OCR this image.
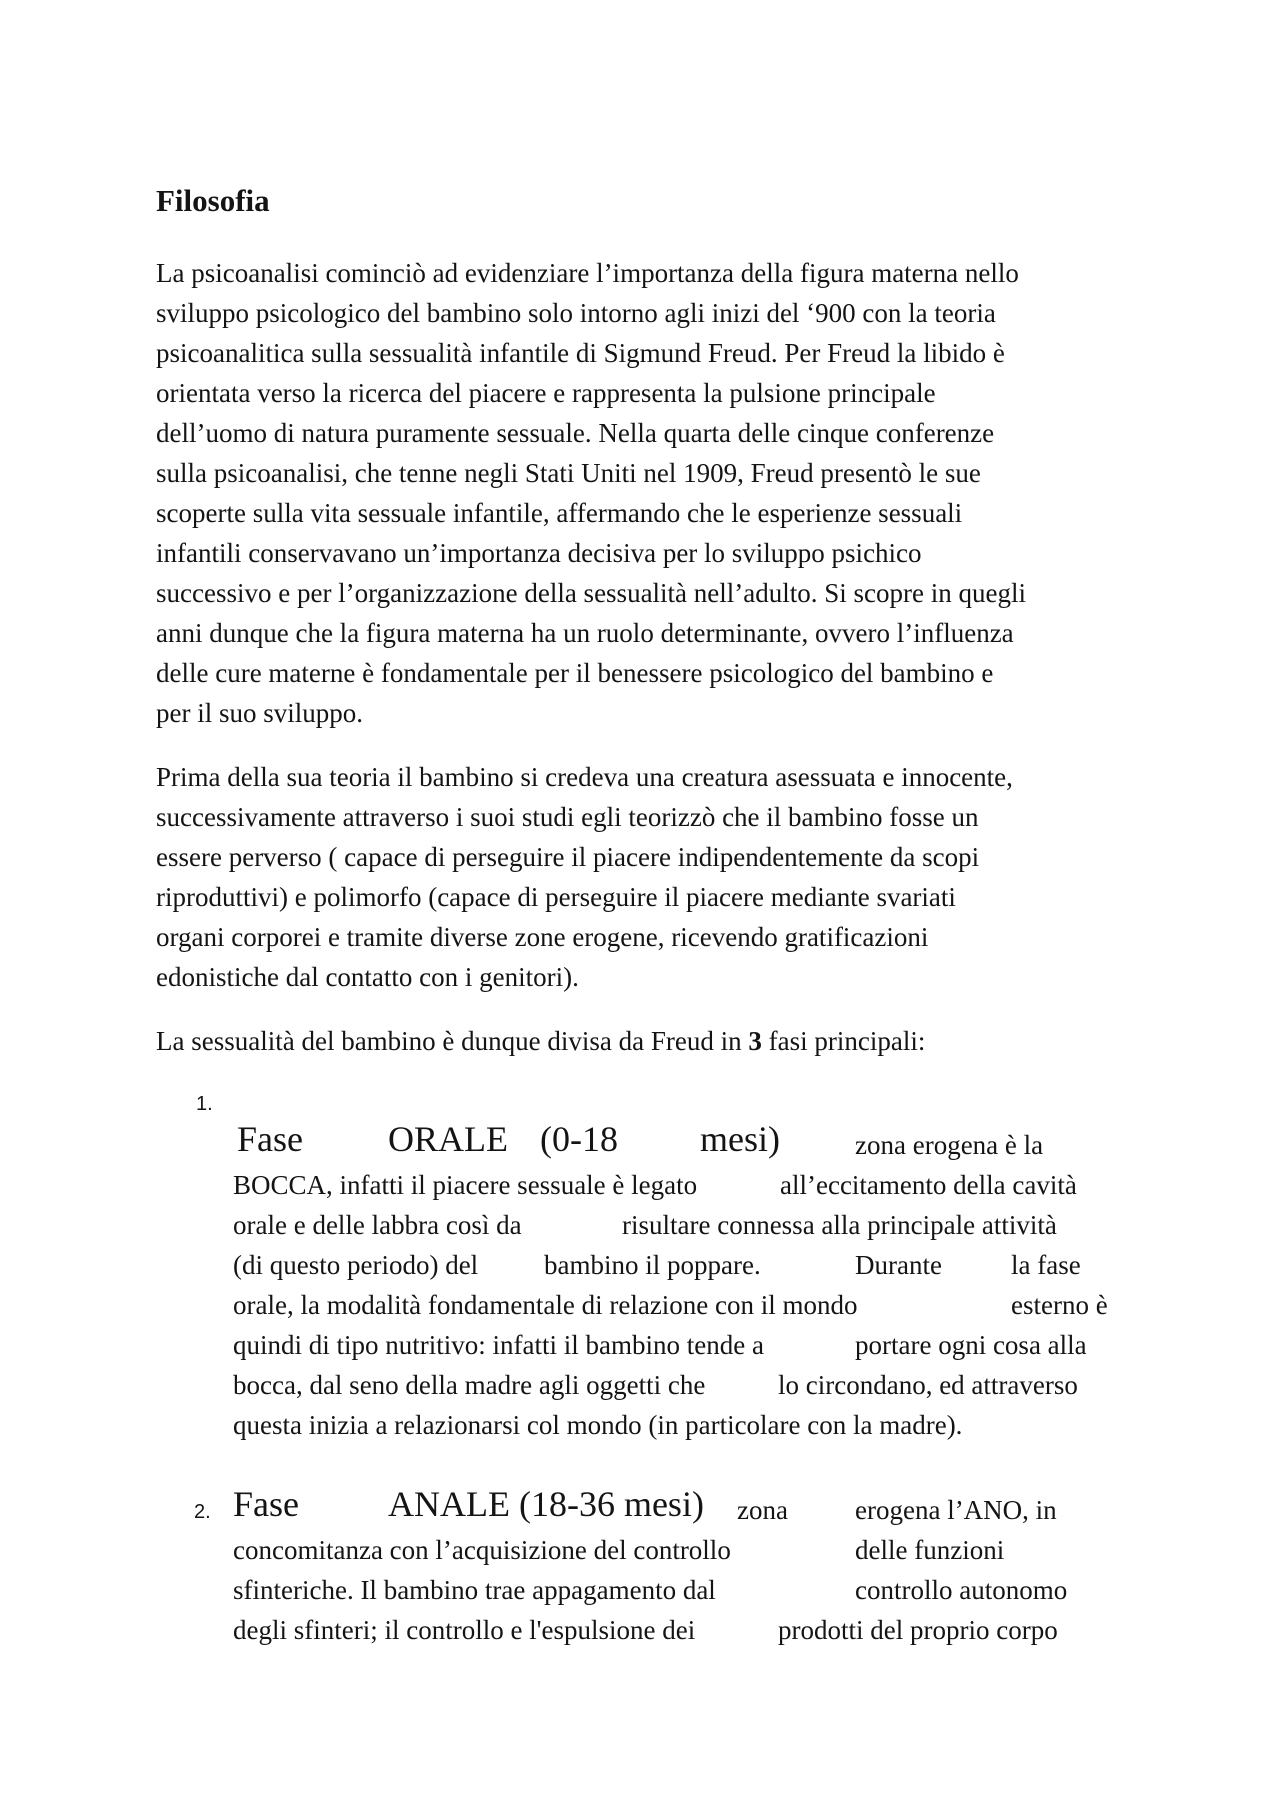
Filosofia

La psicoanalisi cominciò ad evidenziare l’importanza della figura materna nello
sviluppo psicologico del bambino solo intorno agli inizi del ‘900 con la teoria
psicoanalitica sulla sessualità infantile di Sigmund Freud. Per Freud la libido è
orientata verso la ricerca del piacere e rappresenta la pulsione principale
dell’uomo di natura puramente sessuale. Nella quarta delle cinque conferenze
sulla psicoanalisi, che tenne negli Stati Uniti nel 1909, Freud presentò le sue
scoperte sulla vita sessuale infantile, affermando che le esperienze sessuali
infantili conservavano un’importanza decisiva per lo sviluppo psichico
successivo e per l’organizzazione della sessualità nell’adulto. Si scopre in quegli
anni dunque che la figura materna ha un ruolo determinante, ovvero l’influenza
delle cure materne è fondamentale per il benessere psicologico del bambino e
per il suo sviluppo.

Prima della sua teoria il bambino si credeva una creatura asessuata e innocente,
successivamente attraverso i suoi studi egli teorizzò che il bambino fosse un
essere perverso ( capace di perseguire il piacere indipendentemente da scopi
riproduttivi) e polimorfo (capace di perseguire il piacere mediante svariati
organi corporei e tramite diverse zone erogene, ricevendo gratificazioni
edonistiche dal contatto con i genitori).

La sessualità del bambino è dunque divisa da Freud in 3 fasi principali:

1.
Fase ORALE (0-18 mesi)	zona erogena è la
BOCCA, infatti il piacere sessuale è legato	all’eccitamento della cavità
orale e delle labbra così da	risultare connessa alla principale attività
(di questo periodo) del bambino il poppare.	Durante	la fase
orale, la modalità fondamentale di relazione con il mondo	esterno è
quindi di tipo nutritivo: infatti il bambino tende a	portare ogni cosa alla
bocca, dal seno della madre agli oggetti che	lo circondano, ed attraverso
questa inizia a relazionarsi col mondo (in particolare con la madre).
2. Fase ANALE (18-36 mesi) zona erogena l’ANO, in
concomitanza con l’acquisizione del controllo	delle funzioni
sfinteriche. Il bambino trae appagamento dal	controllo autonomo
degli sfinteri; il controllo e l'espulsione dei	prodotti del proprio corpo
